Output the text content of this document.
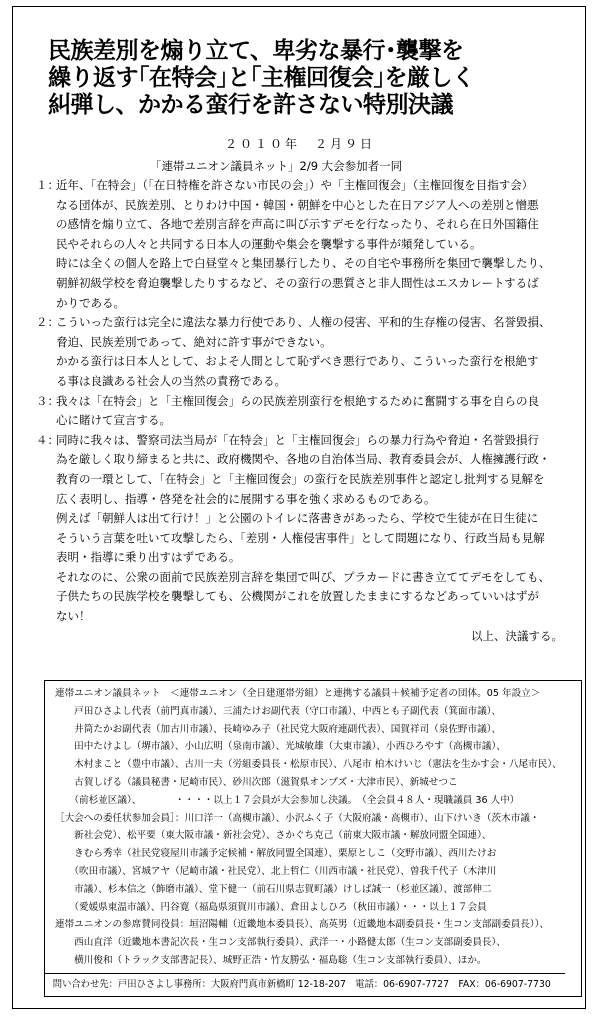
民族差別を煽り立て、卑劣な暴行･襲撃を
繰り返す｢在特会｣と｢主権回復会｣を厳しく
糾弾し、かかる蛮行を許さない特別決議
２０１０年　２月９日
「連帯ユニオン議員ネット」2/9 大会参加者一同
１：
近年、「在特会」（「在日特権を許さない市民の会」）や「主権回復会」（主権回復を目指す会）
なる団体が、民族差別、とりわけ中国・韓国・朝鮮を中心とした在日アジア人への差別と憎悪
の感情を煽り立て、各地で差別言辞を声高に叫び示すデモを行なったり、それら在日外国籍住
民やそれらの人々と共同する日本人の運動や集会を襲撃する事件が頻発している。
時には全くの個人を路上で白昼堂々と集団暴行したり、その自宅や事務所を集団で襲撃したり、
朝鮮初級学校を脅迫襲撃したりするなど、その蛮行の悪質さと非人間性はエスカレートするば
かりである。
２：
こういった蛮行は完全に違法な暴力行使であり、人権の侵害、平和的生存権の侵害、名誉毀損、
脅迫、民族差別であって、絶対に許す事ができない。
かかる蛮行は日本人として、およそ人間として恥ずべき悪行であり、こういった蛮行を根絶す
る事は良識ある社会人の当然の責務である。
３：
我々は「在特会」と「主権回復会」らの民族差別蛮行を根絶するために奮闘する事を自らの良
心に賭けて宣言する。
４：
同時に我々は、警察司法当局が「在特会」と「主権回復会」らの暴力行為や脅迫・名誉毀損行
為を厳しく取り締まると共に、政府機関や、各地の自治体当局、教育委員会が、人権擁護行政・
教育の一環として、「在特会」と「主権回復会」の蛮行を民族差別事件と認定し批判する見解を
広く表明し、指導・啓発を社会的に展開する事を強く求めるものである。
例えば「朝鮮人は出て行け！」と公園のトイレに落書きがあったら、学校で生徒が在日生徒に
そういう言葉を吐いて攻撃したら、「差別・人権侵害事件」として問題になり、行政当局も見解
表明・指導に乗り出すはずである。
それなのに、公衆の面前で民族差別言辞を集団で叫び、プラカードに書き立ててデモをしても、
子供たちの民族学校を襲撃しても、公機関がこれを放置したままにするなどあっていいはずが
ない！
以上、決議する。
連帯ユニオン議員ネット　＜連帯ユニオン（全日建運帯労組）と連携する議員＋候補予定者の団体。05 年設立＞
　　戸田ひさよし代表（前門真市議）、三浦たけお副代表（守口市議）、中西とも子副代表（箕面市議）、
　　井筒たかお副代表（加古川市議）、長崎ゆみ子（社民党大阪府連副代表）、国賀祥司（泉佐野市議）、
　　田中たけよし（堺市議）、小山広明（泉南市議）、光城敏雄（大東市議）、小西ひろやす（高槻市議）、
　　木村まこと（豊中市議）、古川一夫（労組委員長・松原市民）、八尾市 柏木けいじ（憲法を生かす会・八尾市民）、
　　古賀しげる（議員秘書・尼崎市民）、砂川次郎（滋賀県オンブズ・大津市民）、新城せつこ
　　（前杉並区議）、　　　　・・・・以上１７会員が大会参加し決議。　（全会員４８人・現職議員 36 人中）
［大会への委任状参加会員］：川口洋一（高槻市議）、小沢ふく子（大阪府議・高槻市）、山下けいき（茨木市議・
　　新社会党）、松平要（東大阪市議・新社会党）、さかぐち克己（前東大阪市議・解放同盟全国連）、
　　きむら秀幸（社民党寝屋川市議予定候補・解放同盟全国連）、栗原としこ（交野市議）、西川たけお
　　（吹田市議）、宮城アヤ（尼崎市議・社民党）、北上哲仁（川西市議・社民党）、曽我千代子（木津川
　　市議）、杉本信之（飾磨市議）、堂下健一（前石川県志賀町議）けしば誠一（杉並区議）、渡部伸二
　　（愛媛県東温市議）、円谷寛（福島県須賀川市議）、倉田よしひろ（秋田市議）・・・以上１７会員
連帯ユニオンの参席賛同役員：垣沼陽輔（近畿地本委員長）、高英男（近畿地本副委員長・生コン支部副委員長））、
　　西山直洋（近畿地本書記次長・生コン支部執行委員）、武洋一・小路健太郎（生コン支部副委員長）、
　　横川俊和（トラック支部書記長）、城野正浩・竹友勝弘・福島聡（生コン支部執行委員）、ほか。
問い合わせ先：戸田ひさよし事務所：大阪府門真市新橋町 12-18-207　電話：06-6907-7727　FAX：06-6907-7730
